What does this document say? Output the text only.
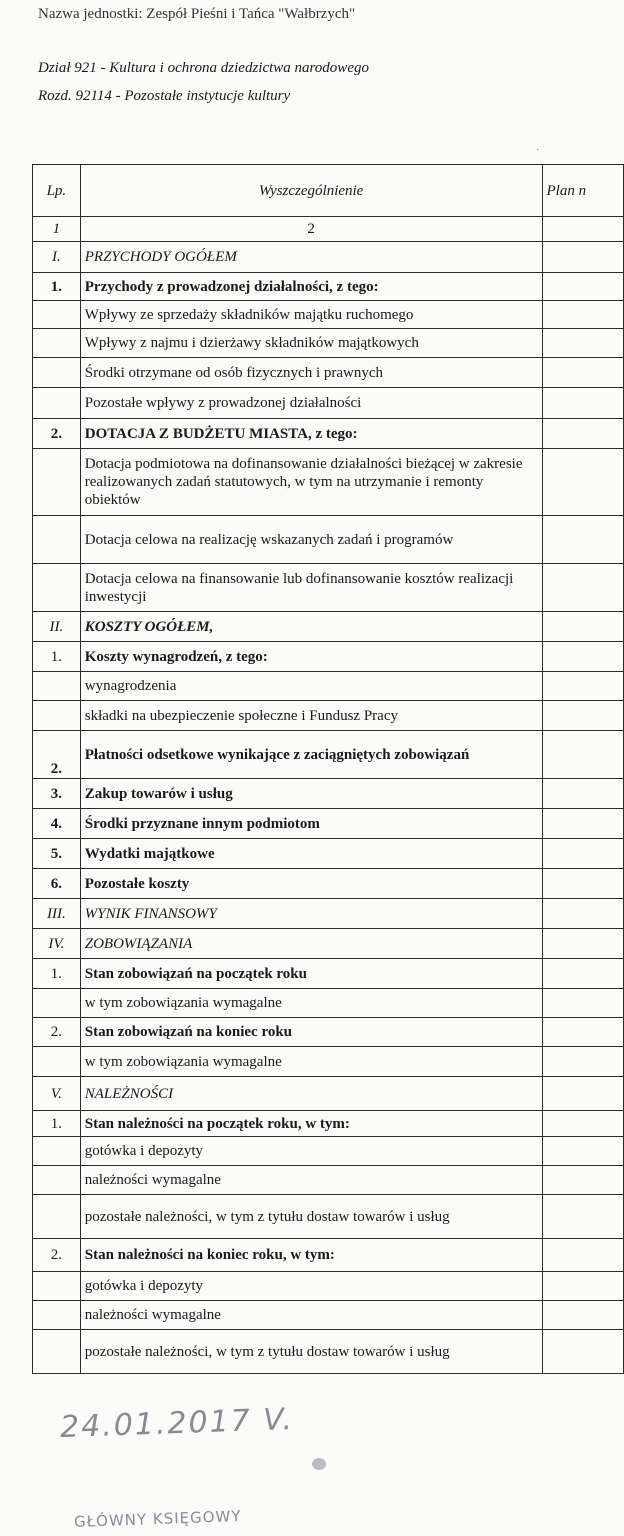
Nazwa jednostki: Zespół Pieśni i Tańca "Wałbrzych"
Dział 921 - Kultura i ochrona dziedzictwa narodowego
Rozd. 92114 - Pozostałe instytucje kultury
˙
Lp.	Wyszczególnienie	Plan n
1	2	
I.	PRZYCHODY OGÓŁEM	
1.	Przychody z prowadzonej działalności, z tego:	
	Wpływy ze sprzedaży składników majątku ruchomego	
	Wpływy z najmu i dzierżawy składników majątkowych	
	Środki otrzymane od osób fizycznych i prawnych	
	Pozostałe wpływy z prowadzonej działalności	
2.	DOTACJA Z BUDŻETU MIASTA, z tego:	
	Dotacja podmiotowa na dofinansowanie działalności bieżącej w zakresie realizowanych zadań statutowych, w tym na utrzymanie i remonty obiektów	
	Dotacja celowa na realizację wskazanych zadań i programów	
	Dotacja celowa na finansowanie lub dofinansowanie kosztów realizacji inwestycji	
II.	KOSZTY OGÓŁEM,	
1.	Koszty wynagrodzeń, z tego:	
	wynagrodzenia	
	składki na ubezpieczenie społeczne i Fundusz Pracy	
2.	Płatności odsetkowe wynikające z zaciągniętych zobowiązań	
3.	Zakup towarów i usług	
4.	Środki przyznane innym podmiotom	
5.	Wydatki majątkowe	
6.	Pozostałe koszty	
III.	WYNIK FINANSOWY	
IV.	ZOBOWIĄZANIA	
1.	Stan zobowiązań na początek roku	
	w tym zobowiązania wymagalne	
2.	Stan zobowiązań na koniec roku	
	w tym zobowiązania wymagalne	
V.	NALEŻNOŚCI	
1.	Stan należności na początek roku, w tym:	
	gotówka i depozyty	
	należności wymagalne	
	pozostałe należności, w tym z tytułu dostaw towarów i usług	
2.	Stan należności na koniec roku, w tym:	
	gotówka i depozyty	
	należności wymagalne	
	pozostałe należności, w tym z tytułu dostaw towarów i usług	
24.01.2017 V.
GŁÓWNY KSIĘGOWY
